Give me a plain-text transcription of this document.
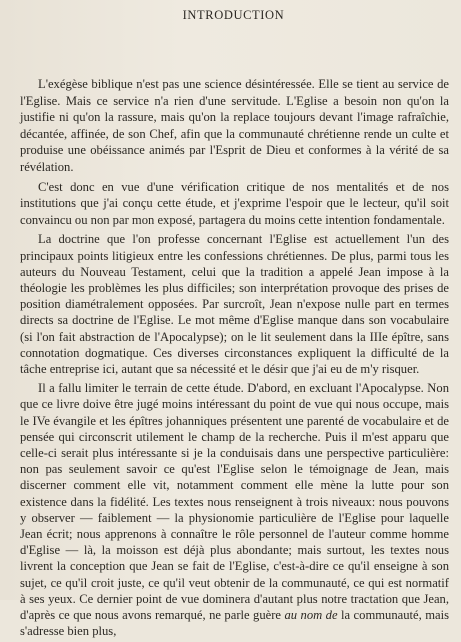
INTRODUCTION

L'exégèse biblique n'est pas une science désintéressée. Elle se tient au service de l'Eglise. Mais ce service n'a rien d'une servitude. L'Eglise a besoin non qu'on la justifie ni qu'on la rassure, mais qu'on la replace toujours devant l'image rafraîchie, décantée, affinée, de son Chef, afin que la communauté chrétienne rende un culte et produise une obéissance animés par l'Esprit de Dieu et conformes à la vérité de sa révélation.

C'est donc en vue d'une vérification critique de nos mentalités et de nos institutions que j'ai conçu cette étude, et j'exprime l'espoir que le lecteur, qu'il soit convaincu ou non par mon exposé, partagera du moins cette intention fondamentale.

La doctrine que l'on professe concernant l'Eglise est actuellement l'un des principaux points litigieux entre les confessions chrétiennes. De plus, parmi tous les auteurs du Nouveau Testament, celui que la tradition a appelé Jean impose à la théologie les problèmes les plus difficiles; son interprétation provoque des prises de position diamétralement opposées. Par surcroît, Jean n'expose nulle part en termes directs sa doctrine de l'Eglise. Le mot même d'Eglise manque dans son vocabulaire (si l'on fait abstraction de l'Apocalypse); on le lit seulement dans la IIIe épître, sans connotation dogmatique. Ces diverses circonstances expliquent la difficulté de la tâche entreprise ici, autant que sa nécessité et le désir que j'ai eu de m'y risquer.

Il a fallu limiter le terrain de cette étude. D'abord, en excluant l'Apocalypse. Non que ce livre doive être jugé moins intéressant du point de vue qui nous occupe, mais le IVe évangile et les épîtres johanniques présentent une parenté de vocabulaire et de pensée qui circonscrit utilement le champ de la recherche. Puis il m'est apparu que celle-ci serait plus intéressante si je la conduisais dans une perspective particulière: non pas seulement savoir ce qu'est l'Eglise selon le témoignage de Jean, mais discerner comment elle vit, notamment comment elle mène la lutte pour son existence dans la fidélité. Les textes nous renseignent à trois niveaux: nous pouvons y observer — faiblement — la physionomie particulière de l'Eglise pour laquelle Jean écrit; nous apprenons à connaître le rôle personnel de l'auteur comme homme d'Eglise — là, la moisson est déjà plus abondante; mais surtout, les textes nous livrent la conception que Jean se fait de l'Eglise, c'est-à-dire ce qu'il enseigne à son sujet, ce qu'il croit juste, ce qu'il veut obtenir de la communauté, ce qui est normatif à ses yeux. Ce dernier point de vue dominera d'autant plus notre tractation que Jean, d'après ce que nous avons remarqué, ne parle guère au nom de la communauté, mais s'adresse bien plus,
